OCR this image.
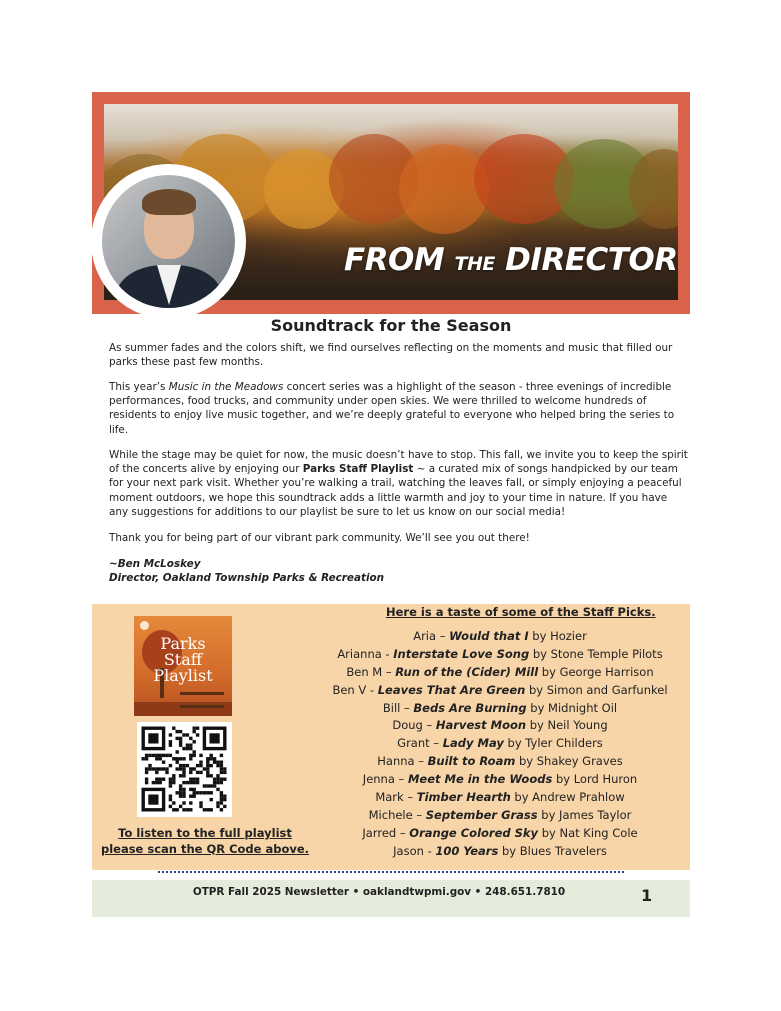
FROM THE DIRECTOR
Soundtrack for the Season

As summer fades and the colors shift, we find ourselves reflecting on the moments and music that filled our parks these past few months.

This year’s Music in the Meadows concert series was a highlight of the season - three evenings of incredible performances, food trucks, and community under open skies. We were thrilled to welcome hundreds of residents to enjoy live music together, and we’re deeply grateful to everyone who helped bring the series to life.

While the stage may be quiet for now, the music doesn’t have to stop. This fall, we invite you to keep the spirit of the concerts alive by enjoying our Parks Staff Playlist ~ a curated mix of songs handpicked by our team for your next park visit. Whether you’re walking a trail, watching the leaves fall, or simply enjoying a peaceful moment outdoors, we hope this soundtrack adds a little warmth and joy to your time in nature. If you have any suggestions for additions to our playlist be sure to let us know on our social media!

Thank you for being part of our vibrant park community. We’ll see you out there!

~Ben McLoskey
Director, Oakland Township Parks & Recreation
Here is a taste of some of the Staff Picks.
Aria – Would that I by Hozier
Arianna - Interstate Love Song by Stone Temple Pilots
Ben M – Run of the (Cider) Mill by George Harrison
Ben V - Leaves That Are Green by Simon and Garfunkel
Bill – Beds Are Burning by Midnight Oil
Doug – Harvest Moon by Neil Young
Grant – Lady May by Tyler Childers
Hanna – Built to Roam by Shakey Graves
Jenna – Meet Me in the Woods by Lord Huron
Mark – Timber Hearth by Andrew Prahlow
Michele – September Grass by James Taylor
Jarred – Orange Colored Sky by Nat King Cole
Jason - 100 Years by Blues Travelers
Parks
Staff
Playlist
To listen to the full playlist
please scan the QR Code above.
OTPR Fall 2025 Newsletter • oaklandtwpmi.gov • 248.651.7810	1
